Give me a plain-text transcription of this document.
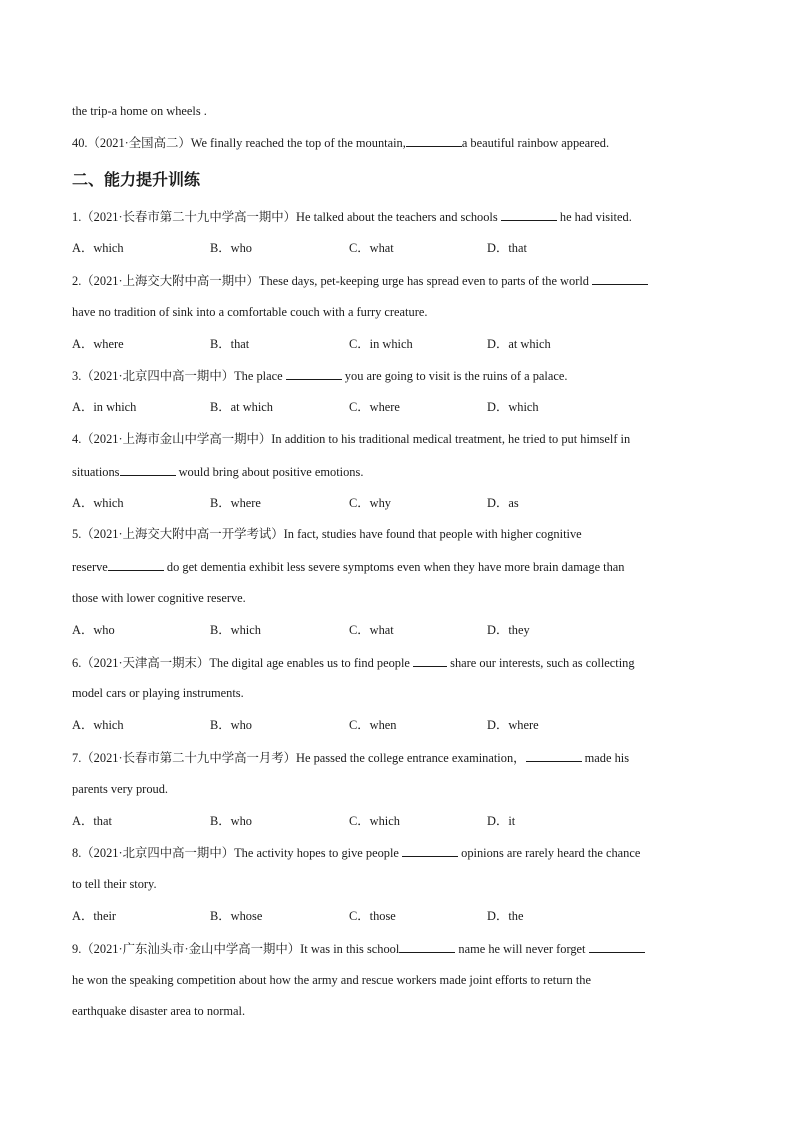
the trip-a home on wheels .
40.（2021·全国高二）We finally reached the top of the mountain,	a beautiful rainbow appeared.
二、能力提升训练
1.（2021·长春市第二十九中学高一期中）He talked about the teachers and schools	he had visited.
A．which	B．who	C．what	D．that
2.（2021·上海交大附中高一期中）These days, pet-keeping urge has spread even to parts of the world
have no tradition of sink into a comfortable couch with a furry creature.
A．where	B．that	C．in which	D．at which
3.（2021·北京四中高一期中）The place	you are going to visit is the ruins of a palace.
A．in which	B．at which	C．where	D．which
4.（2021·上海市金山中学高一期中）In addition to his traditional medical treatment, he tried to put himself in
situations	would bring about positive emotions.
A．which	B．where	C．why	D．as
5.（2021·上海交大附中高一开学考试）In fact, studies have found that people with higher cognitive
reserve	do get dementia exhibit less severe symptoms even when they have more brain damage than
those with lower cognitive reserve.
A．who	B．which	C．what	D．they
6.（2021·天津高一期末）The digital age enables us to find people	share our interests, such as collecting
model cars or playing instruments.
A．which	B．who	C．when	D．where
7.（2021·长春市第二十九中学高一月考）He passed the college entrance examination，	made his
parents very proud.
A．that	B．who	C．which	D．it
8.（2021·北京四中高一期中）The activity hopes to give people	opinions are rarely heard the chance
to tell their story.
A．their	B．whose	C．those	D．the
9.（2021·广东汕头市·金山中学高一期中）It was in this school	name he will never forget
he won the speaking competition about how the army and rescue workers made joint efforts to return the
earthquake disaster area to normal.
